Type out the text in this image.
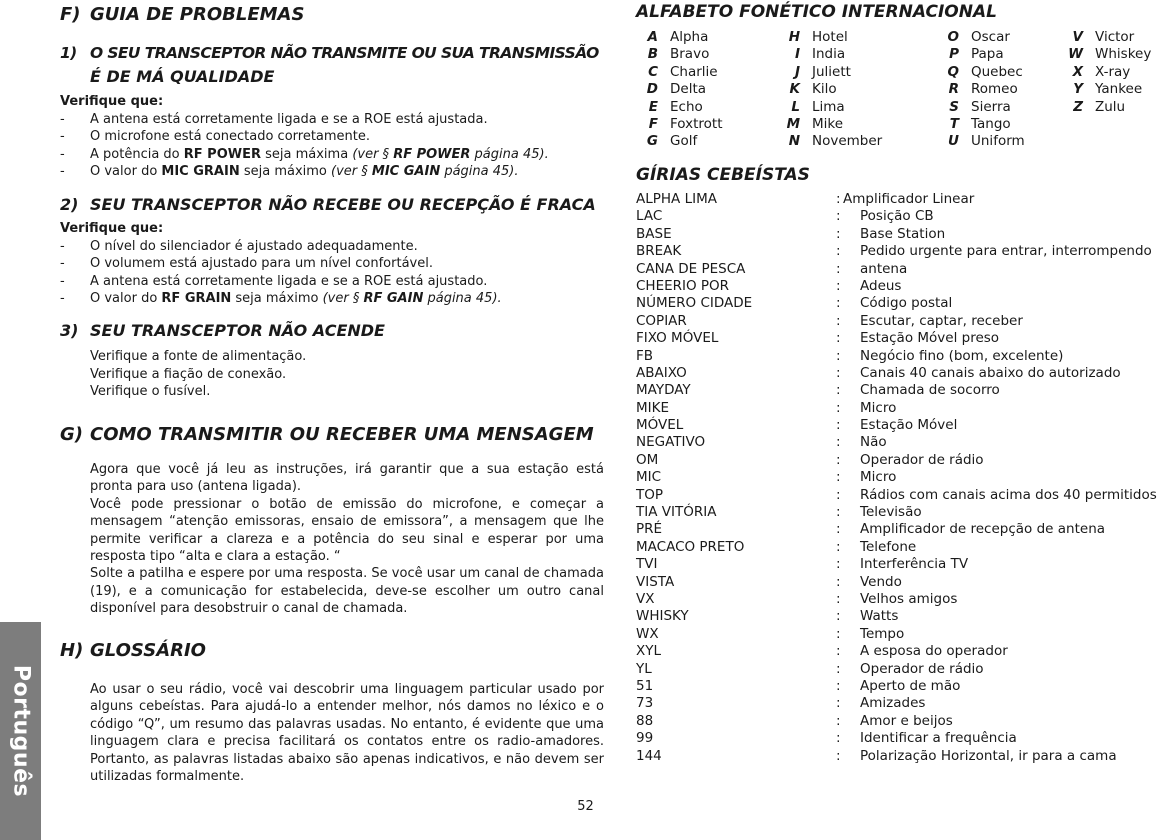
Português
F) GUIA DE PROBLEMAS
1) O SEU TRANSCEPTOR NÃO TRANSMITE OU SUA TRANSMISSÃO
É DE MÁ QUALIDADE
Verifique que:
- A antena está corretamente ligada e se a ROE está ajustada.
- O microfone está conectado corretamente.
- A potência do RF POWER seja máxima (ver § RF POWER página 45).
- O valor do MIC GRAIN seja máximo (ver § MIC GAIN página 45).
2) SEU TRANSCEPTOR NÃO RECEBE OU RECEPÇÃO É FRACA
Verifique que:
- O nível do silenciador é ajustado adequadamente.
- O volumem está ajustado para um nível confortável.
- A antena está corretamente ligada e se a ROE está ajustado.
- O valor do RF GRAIN seja máximo (ver § RF GAIN página 45).
3) SEU TRANSCEPTOR NÃO ACENDE
Verifique a fonte de alimentação.
Verifique a fiação de conexão.
Verifique o fusível.
G) COMO TRANSMITIR OU RECEBER UMA MENSAGEM
Agora que você já leu as instruções, irá garantir que a sua estação está pronta para uso (antena ligada).
Você pode pressionar o botão de emissão do microfone, e começar a mensagem “atenção emissoras, ensaio de emissora”, a mensagem que lhe permite verificar a clareza e a potência do seu sinal e esperar por uma resposta tipo “alta e clara a estação. “
Solte a patilha e espere por uma resposta. Se você usar um canal de chamada (19), e a comunicação for estabelecida, deve-se escolher um outro canal disponível para desobstruir o canal de chamada.
H) GLOSSÁRIO
Ao usar o seu rádio, você vai descobrir uma linguagem particular usado por alguns cebeístas. Para ajudá-lo a entender melhor, nós damos no léxico e o código “Q”, um resumo das palavras usadas. No entanto, é evidente que uma linguagem clara e precisa facilitará os contatos entre os radio-amadores. Portanto, as palavras listadas abaixo são apenas indicativos, e não devem ser utilizadas formalmente.
ALFABETO FONÉTICO INTERNACIONAL
A Alpha
B Bravo
C Charlie
D Delta
E Echo
F Foxtrott
G Golf
H Hotel
I India
J Juliett
K Kilo
L Lima
M Mike
N November
O Oscar
P Papa
Q Quebec
R Romeo
S Sierra
T Tango
U Uniform
V Victor
W Whiskey
X X-ray
Y Yankee
Z Zulu
GÍRIAS CEBEÍSTAS
ALPHA LIMA	: Amplificador Linear
LAC	: Posição CB
BASE	: Base Station
BREAK	: Pedido urgente para entrar, interrompendo
CANA DE PESCA	: antena
CHEERIO POR	: Adeus
NÚMERO CIDADE	: Código postal
COPIAR	: Escutar, captar, receber
FIXO MÓVEL	: Estação Móvel preso
FB	: Negócio fino (bom, excelente)
ABAIXO	: Canais 40 canais abaixo do autorizado
MAYDAY	: Chamada de socorro
MIKE	: Micro
MÓVEL	: Estação Móvel
NEGATIVO	: Não
OM	: Operador de rádio
MIC	: Micro
TOP	: Rádios com canais acima dos 40 permitidos
TIA VITÓRIA	: Televisão
PRÉ	: Amplificador de recepção de antena
MACACO PRETO	: Telefone
TVI	: Interferência TV
VISTA	: Vendo
VX	: Velhos amigos
WHISKY	: Watts
WX	: Tempo
XYL	: A esposa do operador
YL	: Operador de rádio
51	: Aperto de mão
73	: Amizades
88	: Amor e beijos
99	: Identificar a frequência
144	: Polarização Horizontal, ir para a cama
52
